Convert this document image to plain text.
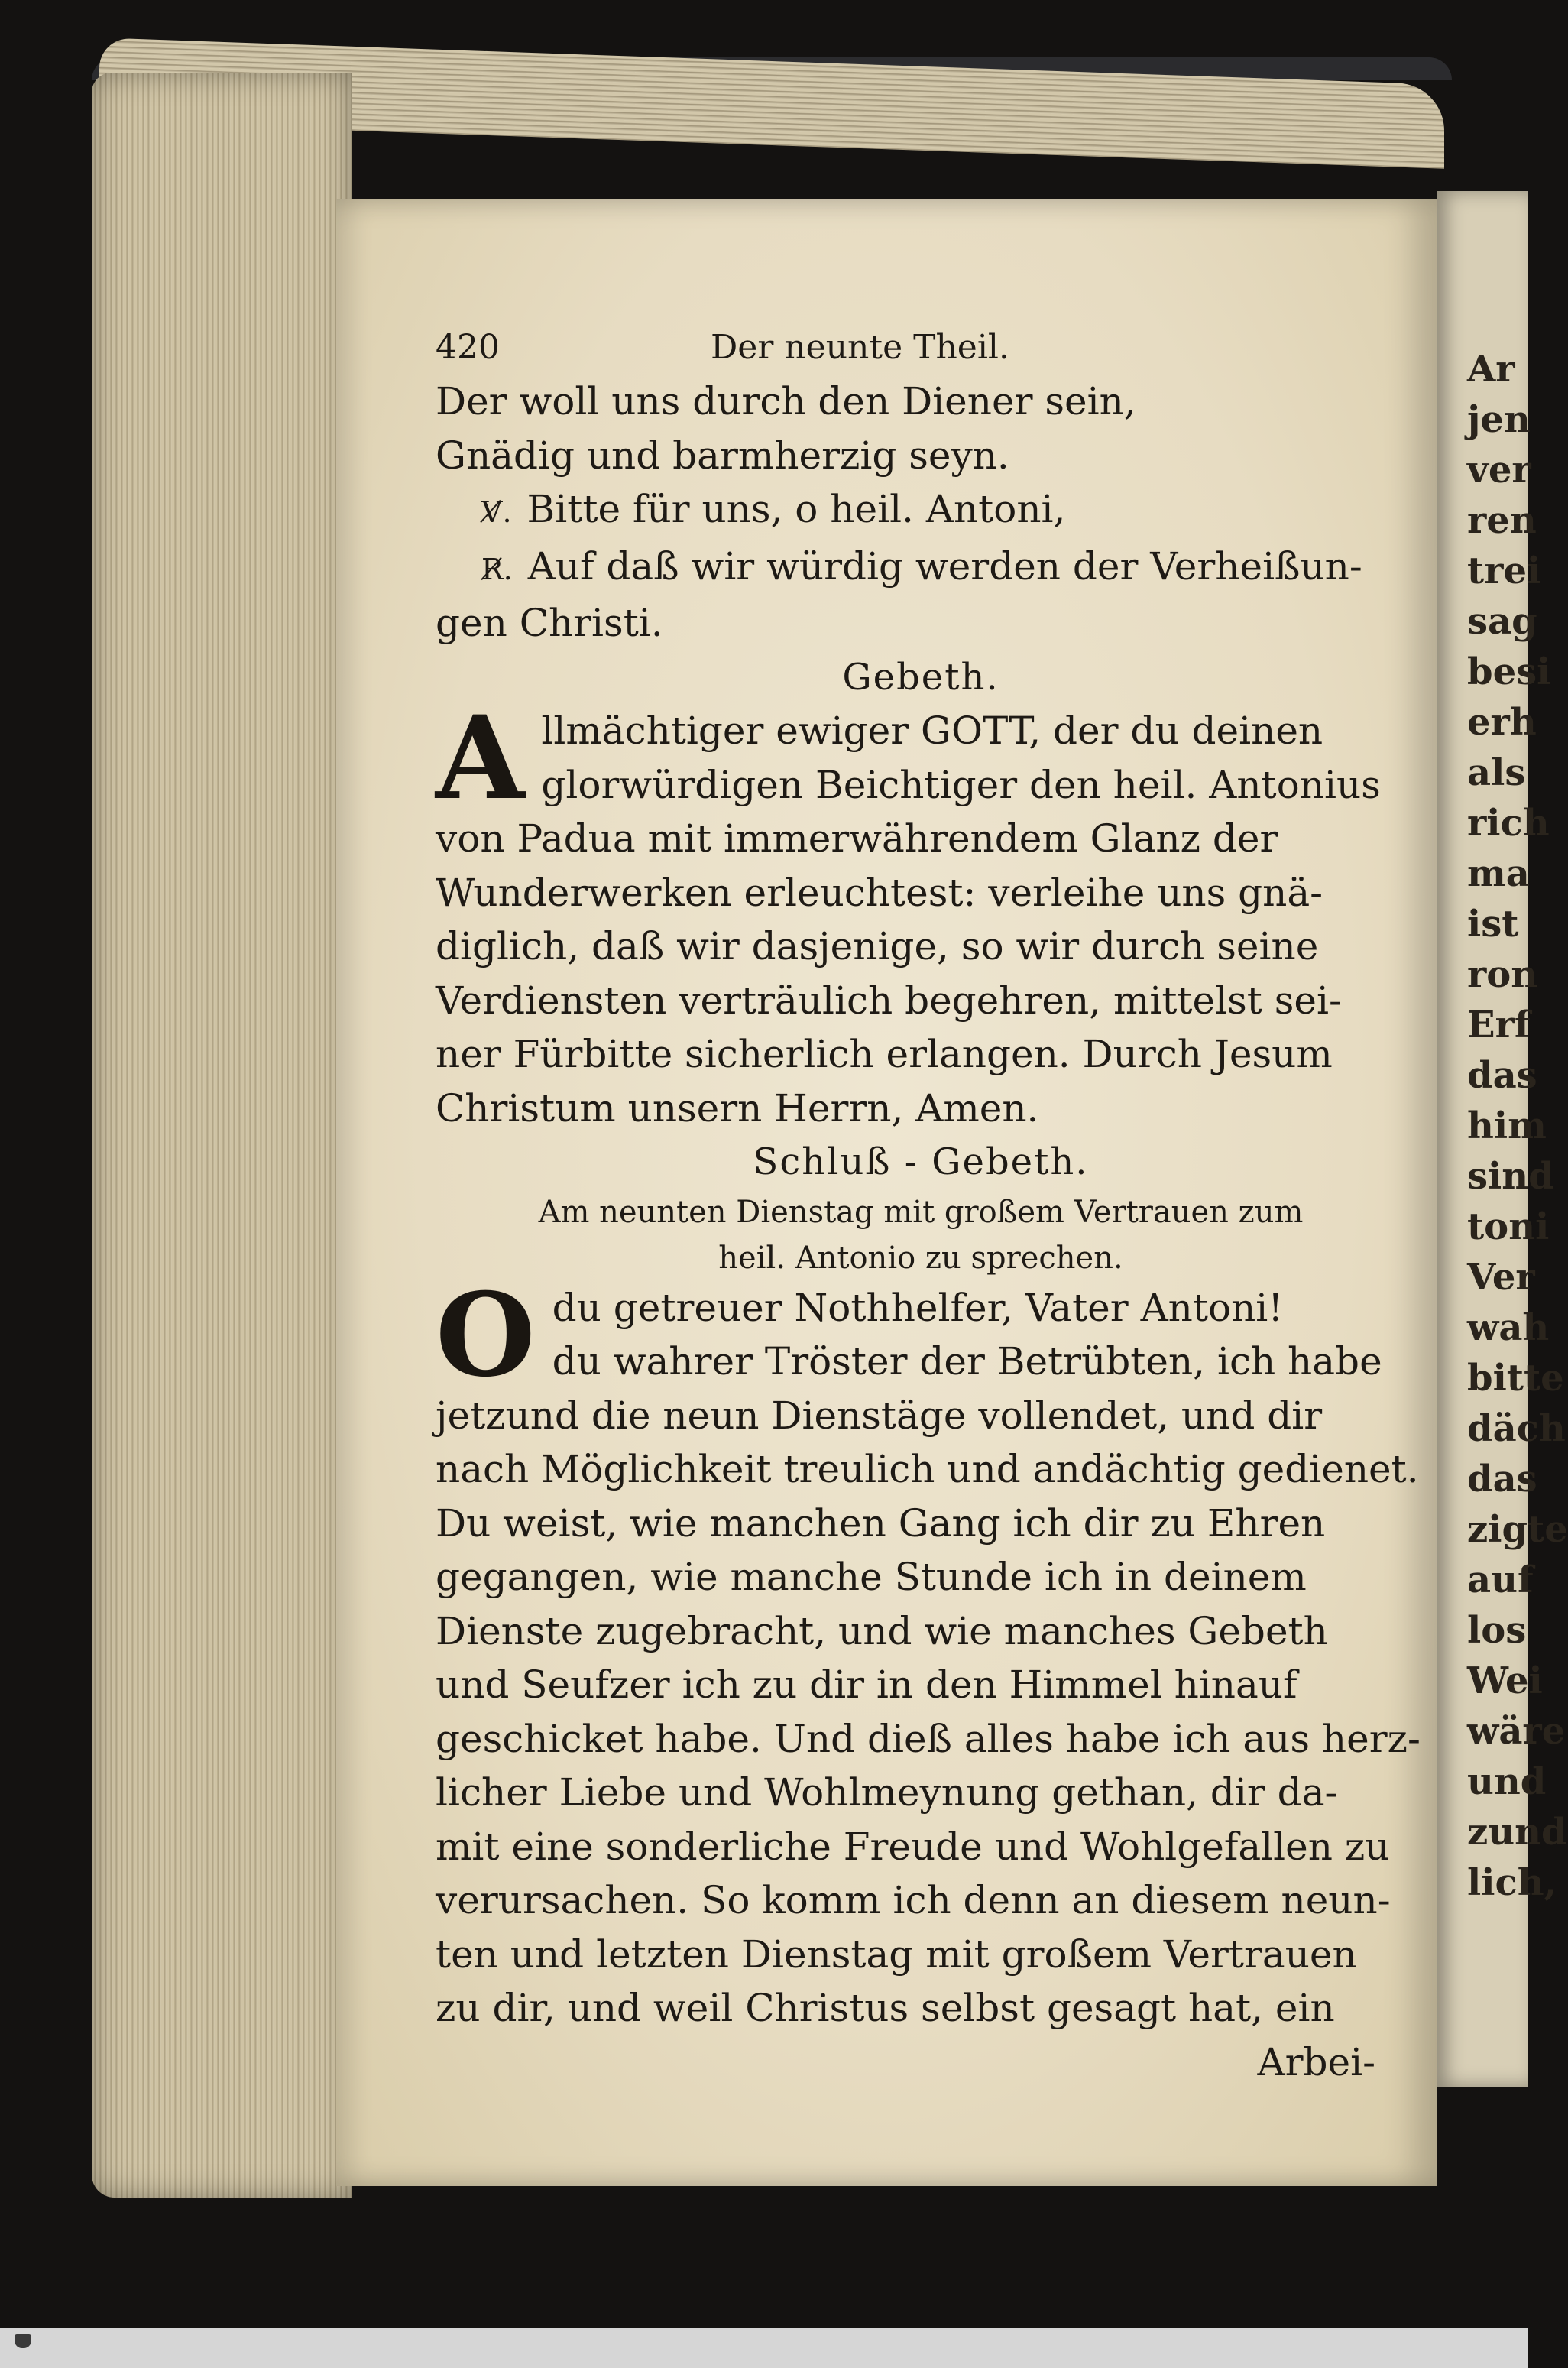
Ar
jen
ver
ren
trei
sag
besi
erh
als
rich
ma
ist
ron
Erf
das
him
sind
toni
Ver
wah
bitte
däch
das
zigte
auf
los
Wei
wäre
und
zund
lich,
420	Der neunte Theil.
Der woll uns durch den Diener sein,
Gnädig und barmherzig seyn.
V̸. Bitte für uns, o heil. Antoni,
R̸. Auf daß wir würdig werden der Verheißun-
gen Christi.
Gebeth.
A llmächtiger ewiger GOTT, der du deinen
glorwürdigen Beichtiger den heil. Antonius
von Padua mit immerwährendem Glanz der
Wunderwerken erleuchtest: verleihe uns gnä-
diglich, daß wir dasjenige, so wir durch seine
Verdiensten verträulich begehren, mittelst sei-
ner Fürbitte sicherlich erlangen. Durch Jesum
Christum unsern Herrn, Amen.
Schluß - Gebeth.
Am neunten Dienstag mit großem Vertrauen zum
heil. Antonio zu sprechen.
O du getreuer Nothhelfer, Vater Antoni!
du wahrer Tröster der Betrübten, ich habe
jetzund die neun Dienstäge vollendet, und dir
nach Möglichkeit treulich und andächtig gedienet.
Du weist, wie manchen Gang ich dir zu Ehren
gegangen, wie manche Stunde ich in deinem
Dienste zugebracht, und wie manches Gebeth
und Seufzer ich zu dir in den Himmel hinauf
geschicket habe. Und dieß alles habe ich aus herz-
licher Liebe und Wohlmeynung gethan, dir da-
mit eine sonderliche Freude und Wohlgefallen zu
verursachen. So komm ich denn an diesem neun-
ten und letzten Dienstag mit großem Vertrauen
zu dir, und weil Christus selbst gesagt hat, ein
Arbei-
